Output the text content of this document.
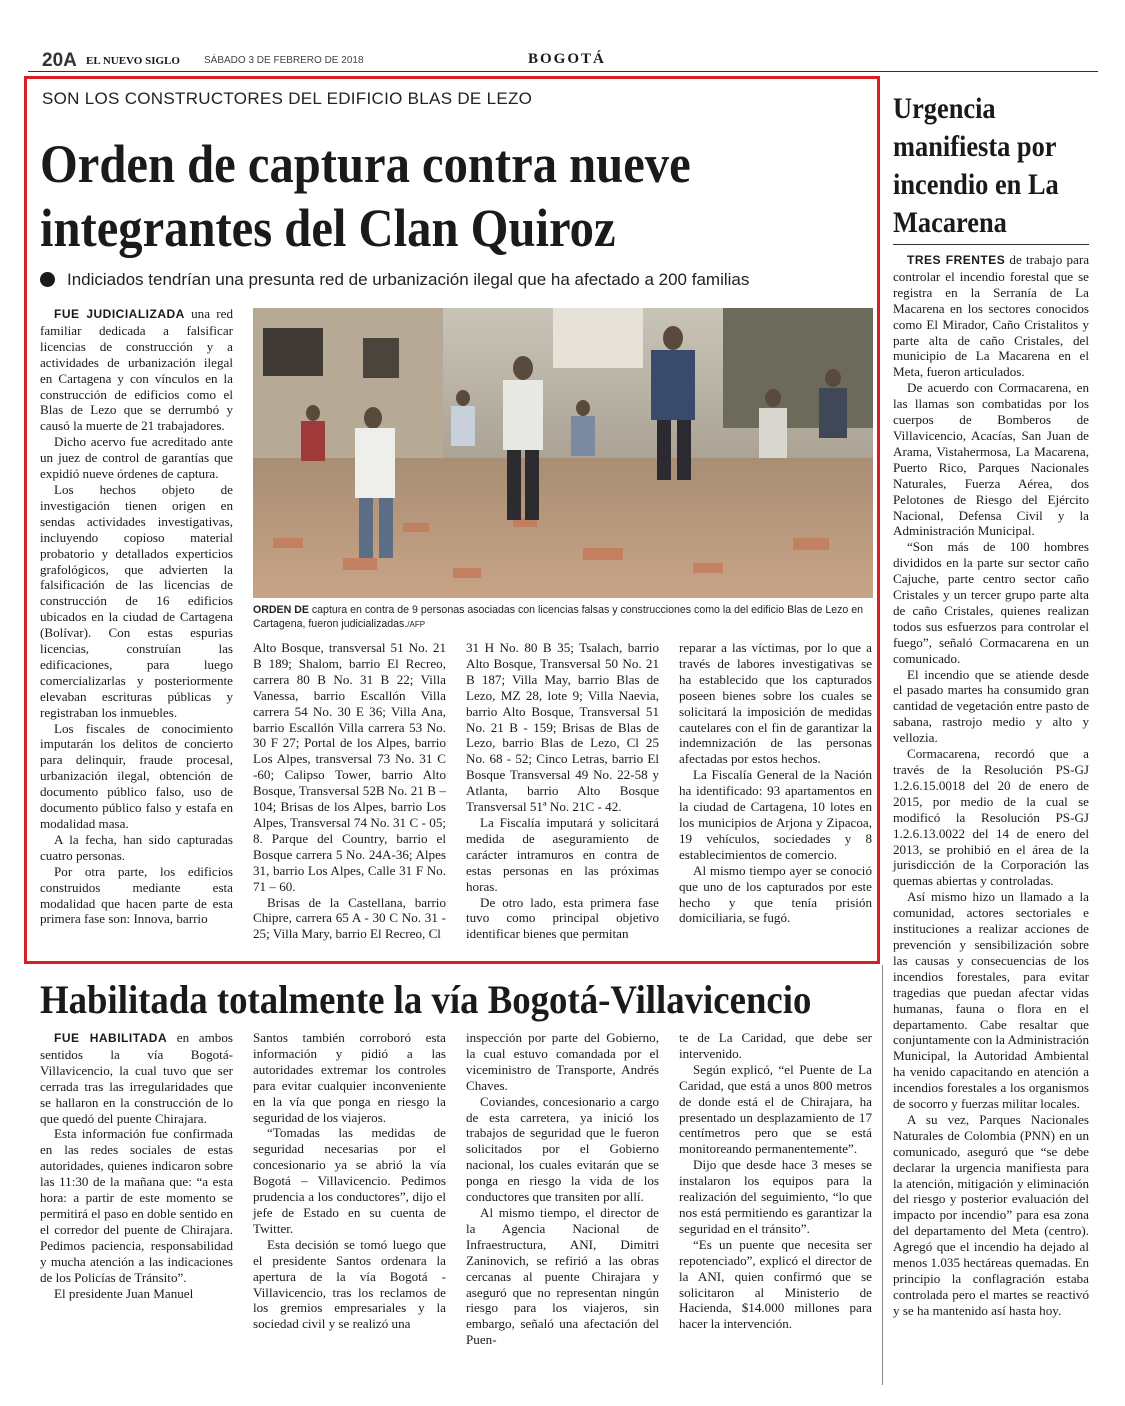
20A EL NUEVO SIGLO SÁBADO 3 DE FEBRERO DE 2018	BOGOTÁ
SON LOS CONSTRUCTORES DEL EDIFICIO BLAS DE LEZO
Orden de captura contra nueve
integrantes del Clan Quiroz
Indiciados tendrían una presunta red de urbanización ilegal que ha afectado a 200 familias

FUE JUDICIALIZADA una red familiar dedicada a falsificar licencias de construcción y a actividades de urbanización ilegal en Cartagena y con vínculos en la construcción de edificios como el Blas de Lezo que se derrumbó y causó la muerte de 21 trabajadores.

Dicho acervo fue acreditado ante un juez de control de garantías que expidió nueve órdenes de captura.

Los hechos objeto de investigación tienen origen en sendas actividades investigativas, incluyendo copioso material probatorio y detallados experticios grafológicos, que advierten la falsificación de las licencias de construcción de 16 edificios ubicados en la ciudad de Cartagena (Bolívar). Con estas espurias licencias, construían las edificaciones, para luego comercializarlas y posteriormente elevaban escrituras públicas y registraban los inmuebles.

Los fiscales de conocimiento imputarán los delitos de concierto para delinquir, fraude procesal, urbanización ilegal, obtención de documento público falso, uso de documento público falso y estafa en modalidad masa.

A la fecha, han sido capturadas cuatro personas.

Por otra parte, los edificios construidos mediante esta modalidad que hacen parte de esta primera fase son: Innova, barrio

ORDEN DE captura en contra de 9 personas asociadas con licencias falsas y construcciones como la del edificio Blas de Lezo en Cartagena, fueron judicializadas./AFP

Alto Bosque, transversal 51 No. 21 B 189; Shalom, barrio El Recreo, carrera 80 B No. 31 B 22; Villa Vanessa, barrio Escallón Villa carrera 54 No. 30 E 36; Villa Ana, barrio Escallón Villa carrera 53 No. 30 F 27; Portal de los Alpes, barrio Los Alpes, transversal 73 No. 31 C -60; Calipso Tower, barrio Alto Bosque, Transversal 52B No. 21 B – 104; Brisas de los Alpes, barrio Los Alpes, Transversal 74 No. 31 C - 05; 8. Parque del Country, barrio el Bosque carrera 5 No. 24A-36; Alpes 31, barrio Los Alpes, Calle 31 F No. 71 – 60.

Brisas de la Castellana, barrio Chipre, carrera 65 A - 30 C No. 31 - 25; Villa Mary, barrio El Recreo, Cl

31 H No. 80 B 35; Tsalach, barrio Alto Bosque, Transversal 50 No. 21 B 187; Villa May, barrio Blas de Lezo, MZ 28, lote 9; Villa Naevia, barrio Alto Bosque, Transversal 51 No. 21 B - 159; Brisas de Blas de Lezo, barrio Blas de Lezo, Cl 25 No. 68 - 52; Cinco Letras, barrio El Bosque Transversal 49 No. 22-58 y Atlanta, barrio Alto Bosque Transversal 51ª No. 21C - 42.

La Fiscalía imputará y solicitará medida de aseguramiento de carácter intramuros en contra de estas personas en las próximas horas.

De otro lado, esta primera fase tuvo como principal objetivo identificar bienes que permitan

reparar a las víctimas, por lo que a través de labores investigativas se ha establecido que los capturados poseen bienes sobre los cuales se solicitará la imposición de medidas cautelares con el fin de garantizar la indemnización de las personas afectadas por estos hechos.

La Fiscalía General de la Nación ha identificado: 93 apartamentos en la ciudad de Cartagena, 10 lotes en los municipios de Arjona y Zipacoa, 19 vehículos, sociedades y 8 establecimientos de comercio.

Al mismo tiempo ayer se conoció que uno de los capturados por este hecho y que tenía prisión domiciliaria, se fugó.

Habilitada totalmente la vía Bogotá-Villavicencio

FUE HABILITADA en ambos sentidos la vía Bogotá-Villavicencio, la cual tuvo que ser cerrada tras las irregularidades que se hallaron en la construcción de lo que quedó del puente Chirajara.

Esta información fue confirmada en las redes sociales de estas autoridades, quienes indicaron sobre las 11:30 de la mañana que: “a esta hora: a partir de este momento se permitirá el paso en doble sentido en el corredor del puente de Chirajara. Pedimos paciencia, responsabilidad y mucha atención a las indicaciones de los Policías de Tránsito”.

El presidente Juan Manuel

Santos también corroboró esta información y pidió a las autoridades extremar los controles para evitar cualquier inconveniente en la vía que ponga en riesgo la seguridad de los viajeros.

“Tomadas las medidas de seguridad necesarias por el concesionario ya se abrió la vía Bogotá – Villavicencio. Pedimos prudencia a los conductores”, dijo el jefe de Estado en su cuenta de Twitter.

Esta decisión se tomó luego que el presidente Santos ordenara la apertura de la vía Bogotá -Villavicencio, tras los reclamos de los gremios empresariales y la sociedad civil y se realizó una

inspección por parte del Gobierno, la cual estuvo comandada por el viceministro de Transporte, Andrés Chaves.

Coviandes, concesionario a cargo de esta carretera, ya inició los trabajos de seguridad que le fueron solicitados por el Gobierno nacional, los cuales evitarán que se ponga en riesgo la vida de los conductores que transiten por allí.

Al mismo tiempo, el director de la Agencia Nacional de Infraestructura, ANI, Dimitri Zaninovich, se refirió a las obras cercanas al puente Chirajara y aseguró que no representan ningún riesgo para los viajeros, sin embargo, señaló una afectación del Puen-

te de La Caridad, que debe ser intervenido.

Según explicó, “el Puente de La Caridad, que está a unos 800 metros de donde está el de Chirajara, ha presentado un desplazamiento de 17 centímetros pero que se está monitoreando permanentemente”.

Dijo que desde hace 3 meses se instalaron los equipos para la realización del seguimiento, “lo que nos está permitiendo es garantizar la seguridad en el tránsito”.

“Es un puente que necesita ser repotenciado”, explicó el director de la ANI, quien confirmó que se solicitaron al Ministerio de Hacienda, $14.000 millones para hacer la intervención.

Urgencia manifiesta por incendio en La Macarena

TRES FRENTES de trabajo para controlar el incendio forestal que se registra en la Serranía de La Macarena en los sectores conocidos como El Mirador, Caño Cristalitos y parte alta de caño Cristales, del municipio de La Macarena en el Meta, fueron articulados.

De acuerdo con Cormacarena, en las llamas son combatidas por los cuerpos de Bomberos de Villavicencio, Acacías, San Juan de Arama, Vistahermosa, La Macarena, Puerto Rico, Parques Nacionales Naturales, Fuerza Aérea, dos Pelotones de Riesgo del Ejército Nacional, Defensa Civil y la Administración Municipal.

“Son más de 100 hombres divididos en la parte sur sector caño Cajuche, parte centro sector caño Cristales y un tercer grupo parte alta de caño Cristales, quienes realizan todos sus esfuerzos para controlar el fuego”, señaló Cormacarena en un comunicado.

El incendio que se atiende desde el pasado martes ha consumido gran cantidad de vegetación entre pasto de sabana, rastrojo medio y alto y vellozia.

Cormacarena, recordó que a través de la Resolución PS-GJ 1.2.6.15.0018 del 20 de enero de 2015, por medio de la cual se modificó la Resolución PS-GJ 1.2.6.13.0022 del 14 de enero del 2013, se prohibió en el área de la jurisdicción de la Corporación las quemas abiertas y controladas.

Así mismo hizo un llamado a la comunidad, actores sectoriales e instituciones a realizar acciones de prevención y sensibilización sobre las causas y consecuencias de los incendios forestales, para evitar tragedias que puedan afectar vidas humanas, fauna o flora en el departamento. Cabe resaltar que conjuntamente con la Administración Municipal, la Autoridad Ambiental ha venido capacitando en atención a incendios forestales a los organismos de socorro y fuerzas militar locales.

A su vez, Parques Nacionales Naturales de Colombia (PNN) en un comunicado, aseguró que “se debe declarar la urgencia manifiesta para la atención, mitigación y eliminación del riesgo y posterior evaluación del impacto por incendio” para esa zona del departamento del Meta (centro). Agregó que el incendio ha dejado al menos 1.035 hectáreas quemadas. En principio la conflagración estaba controlada pero el martes se reactivó y se ha mantenido así hasta hoy.
